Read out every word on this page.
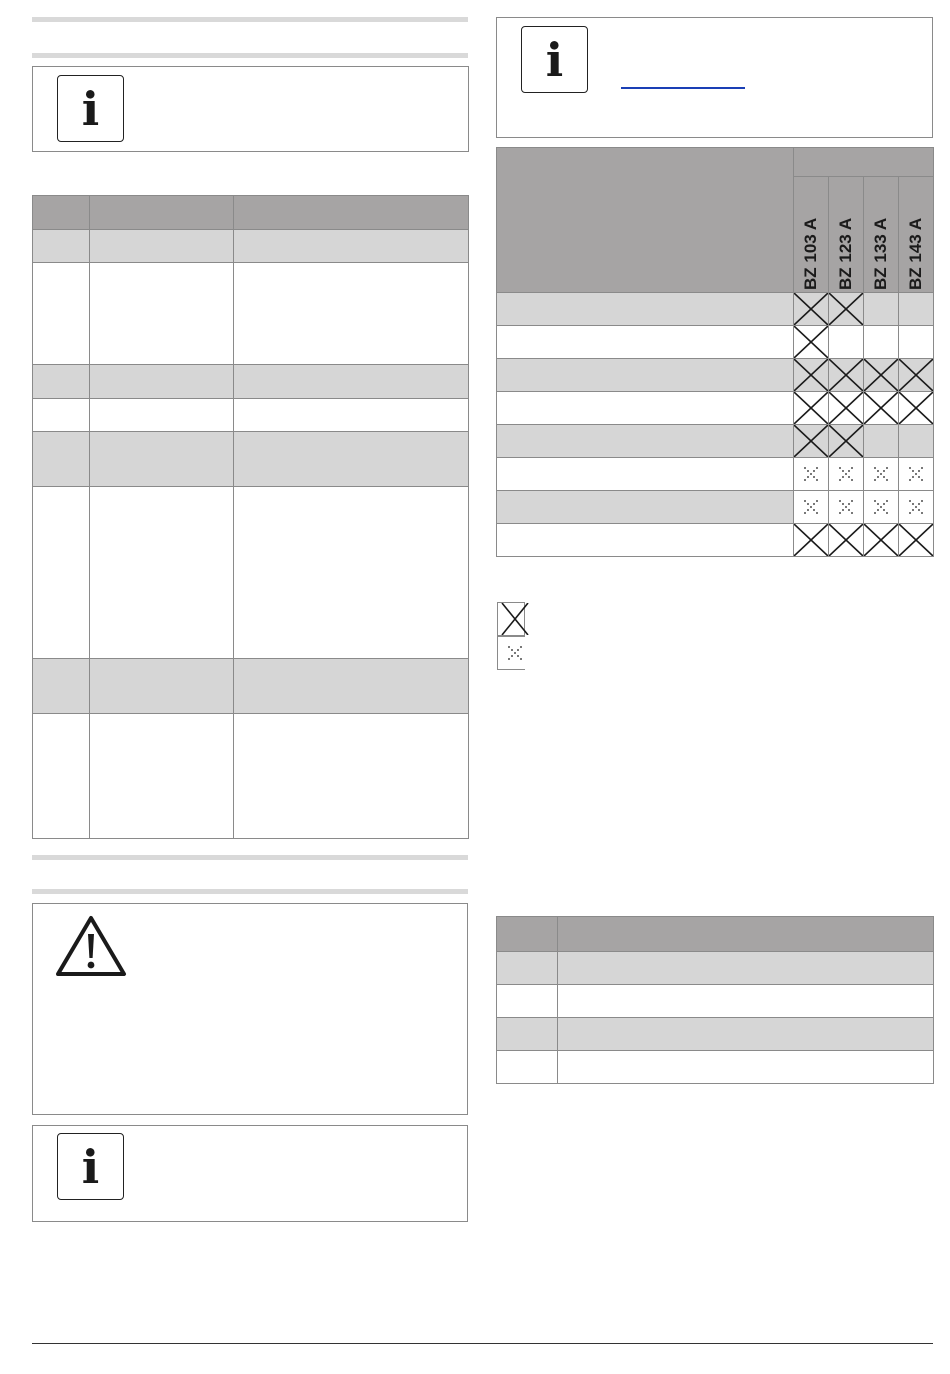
i

i
i

	BZ 103 A	BZ 123 A	BZ 133 A	BZ 143 A
